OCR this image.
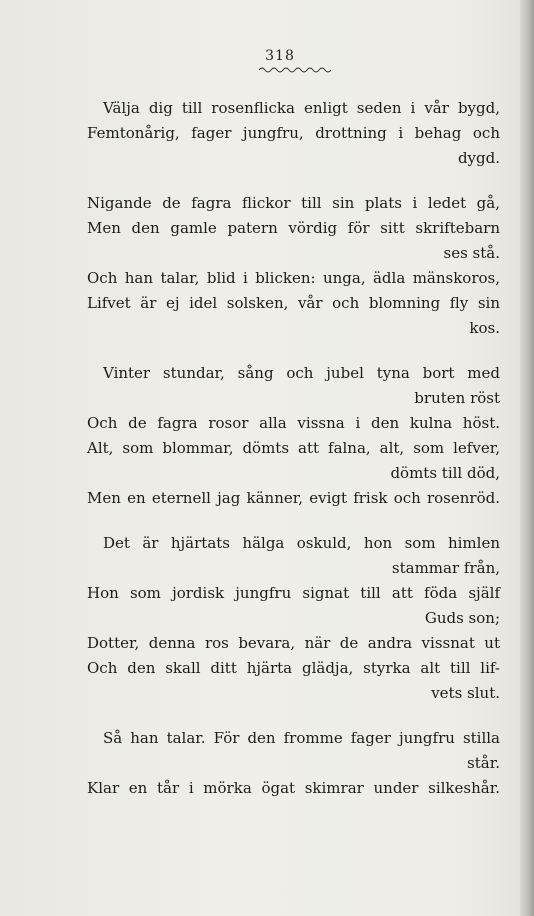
318
Välja dig till rosenflicka enligt seden i vår bygd,
Femtonårig, fager jungfru, drottning i behag och
dygd.
Nigande de fagra flickor till sin plats i ledet gå,
Men den gamle patern vördig för sitt skriftebarn
ses stå.
Och han talar, blid i blicken: unga, ädla mänskoros,
Lifvet är ej idel solsken, vår och blomning fly sin
kos.
Vinter stundar, sång och jubel tyna bort med
bruten röst
Och de fagra rosor alla vissna i den kulna höst.
Alt, som blommar, dömts att falna, alt, som lefver,
dömts till död,
Men en eternell jag känner, evigt frisk och rosenröd.
Det är hjärtats hälga oskuld, hon som himlen
stammar från,
Hon som jordisk jungfru signat till att föda själf
Guds son;
Dotter, denna ros bevara, när de andra vissnat ut
Och den skall ditt hjärta glädja, styrka alt till lif-
vets slut.
Så han talar. För den fromme fager jungfru stilla
står.
Klar en tår i mörka ögat skimrar under silkeshår.
